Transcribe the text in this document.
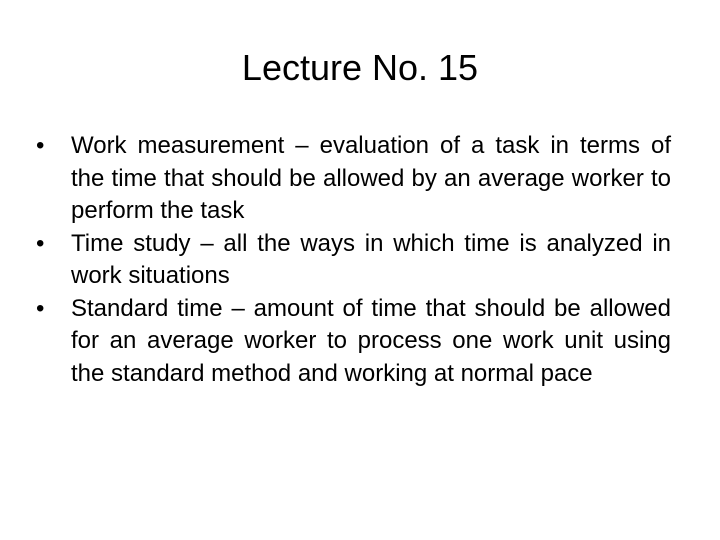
Lecture No. 15
•	Work measurement – evaluation of a task in terms of the time that should be allowed by an average worker to perform the task
•	Time study – all the ways in which time is analyzed in work situations
•	Standard time – amount of time that should be allowed for an average worker to process one work unit using the standard method and working at normal pace
